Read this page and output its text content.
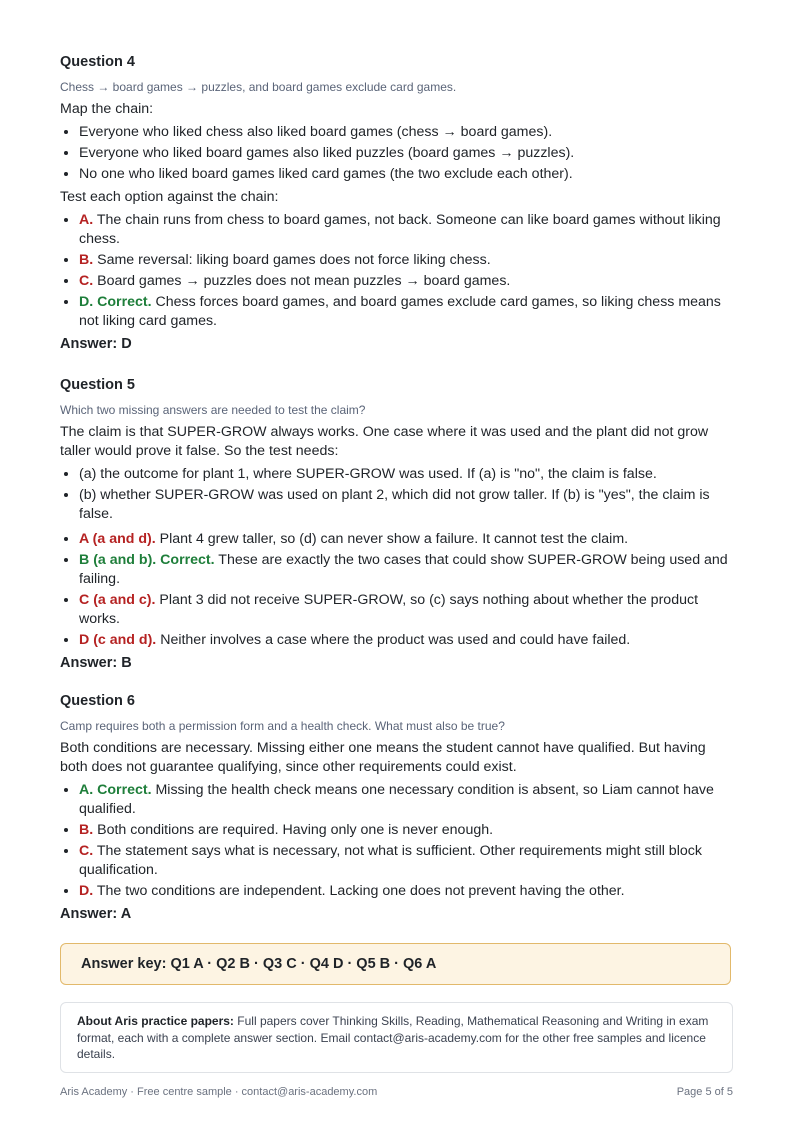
Question 4

Chess → board games → puzzles, and board games exclude card games.

Map the chain:

• Everyone who liked chess also liked board games (chess → board games).
• Everyone who liked board games also liked puzzles (board games → puzzles).
• No one who liked board games liked card games (the two exclude each other).

Test each option against the chain:

• A. The chain runs from chess to board games, not back. Someone can like board games without liking chess.
• B. Same reversal: liking board games does not force liking chess.
• C. Board games → puzzles does not mean puzzles → board games.
• D. Correct. Chess forces board games, and board games exclude card games, so liking chess means not liking card games.

Answer: D

Question 5

Which two missing answers are needed to test the claim?

The claim is that SUPER-GROW always works. One case where it was used and the plant did not grow taller would prove it false. So the test needs:

• (a) the outcome for plant 1, where SUPER-GROW was used. If (a) is "no", the claim is false.
• (b) whether SUPER-GROW was used on plant 2, which did not grow taller. If (b) is "yes", the claim is false.
• A (a and d). Plant 4 grew taller, so (d) can never show a failure. It cannot test the claim.
• B (a and b). Correct. These are exactly the two cases that could show SUPER-GROW being used and failing.
• C (a and c). Plant 3 did not receive SUPER-GROW, so (c) says nothing about whether the product works.
• D (c and d). Neither involves a case where the product was used and could have failed.

Answer: B

Question 6

Camp requires both a permission form and a health check. What must also be true?

Both conditions are necessary. Missing either one means the student cannot have qualified. But having both does not guarantee qualifying, since other requirements could exist.

• A. Correct. Missing the health check means one necessary condition is absent, so Liam cannot have qualified.
• B. Both conditions are required. Having only one is never enough.
• C. The statement says what is necessary, not what is sufficient. Other requirements might still block qualification.
• D. The two conditions are independent. Lacking one does not prevent having the other.

Answer: A

Answer key: Q1 A · Q2 B · Q3 C · Q4 D · Q5 B · Q6 A
About Aris practice papers: Full papers cover Thinking Skills, Reading, Mathematical Reasoning and Writing in exam format, each with a complete answer section. Email contact@aris-academy.com for the other free samples and licence details.
Aris Academy · Free centre sample · contact@aris-academy.com	Page 5 of 5
